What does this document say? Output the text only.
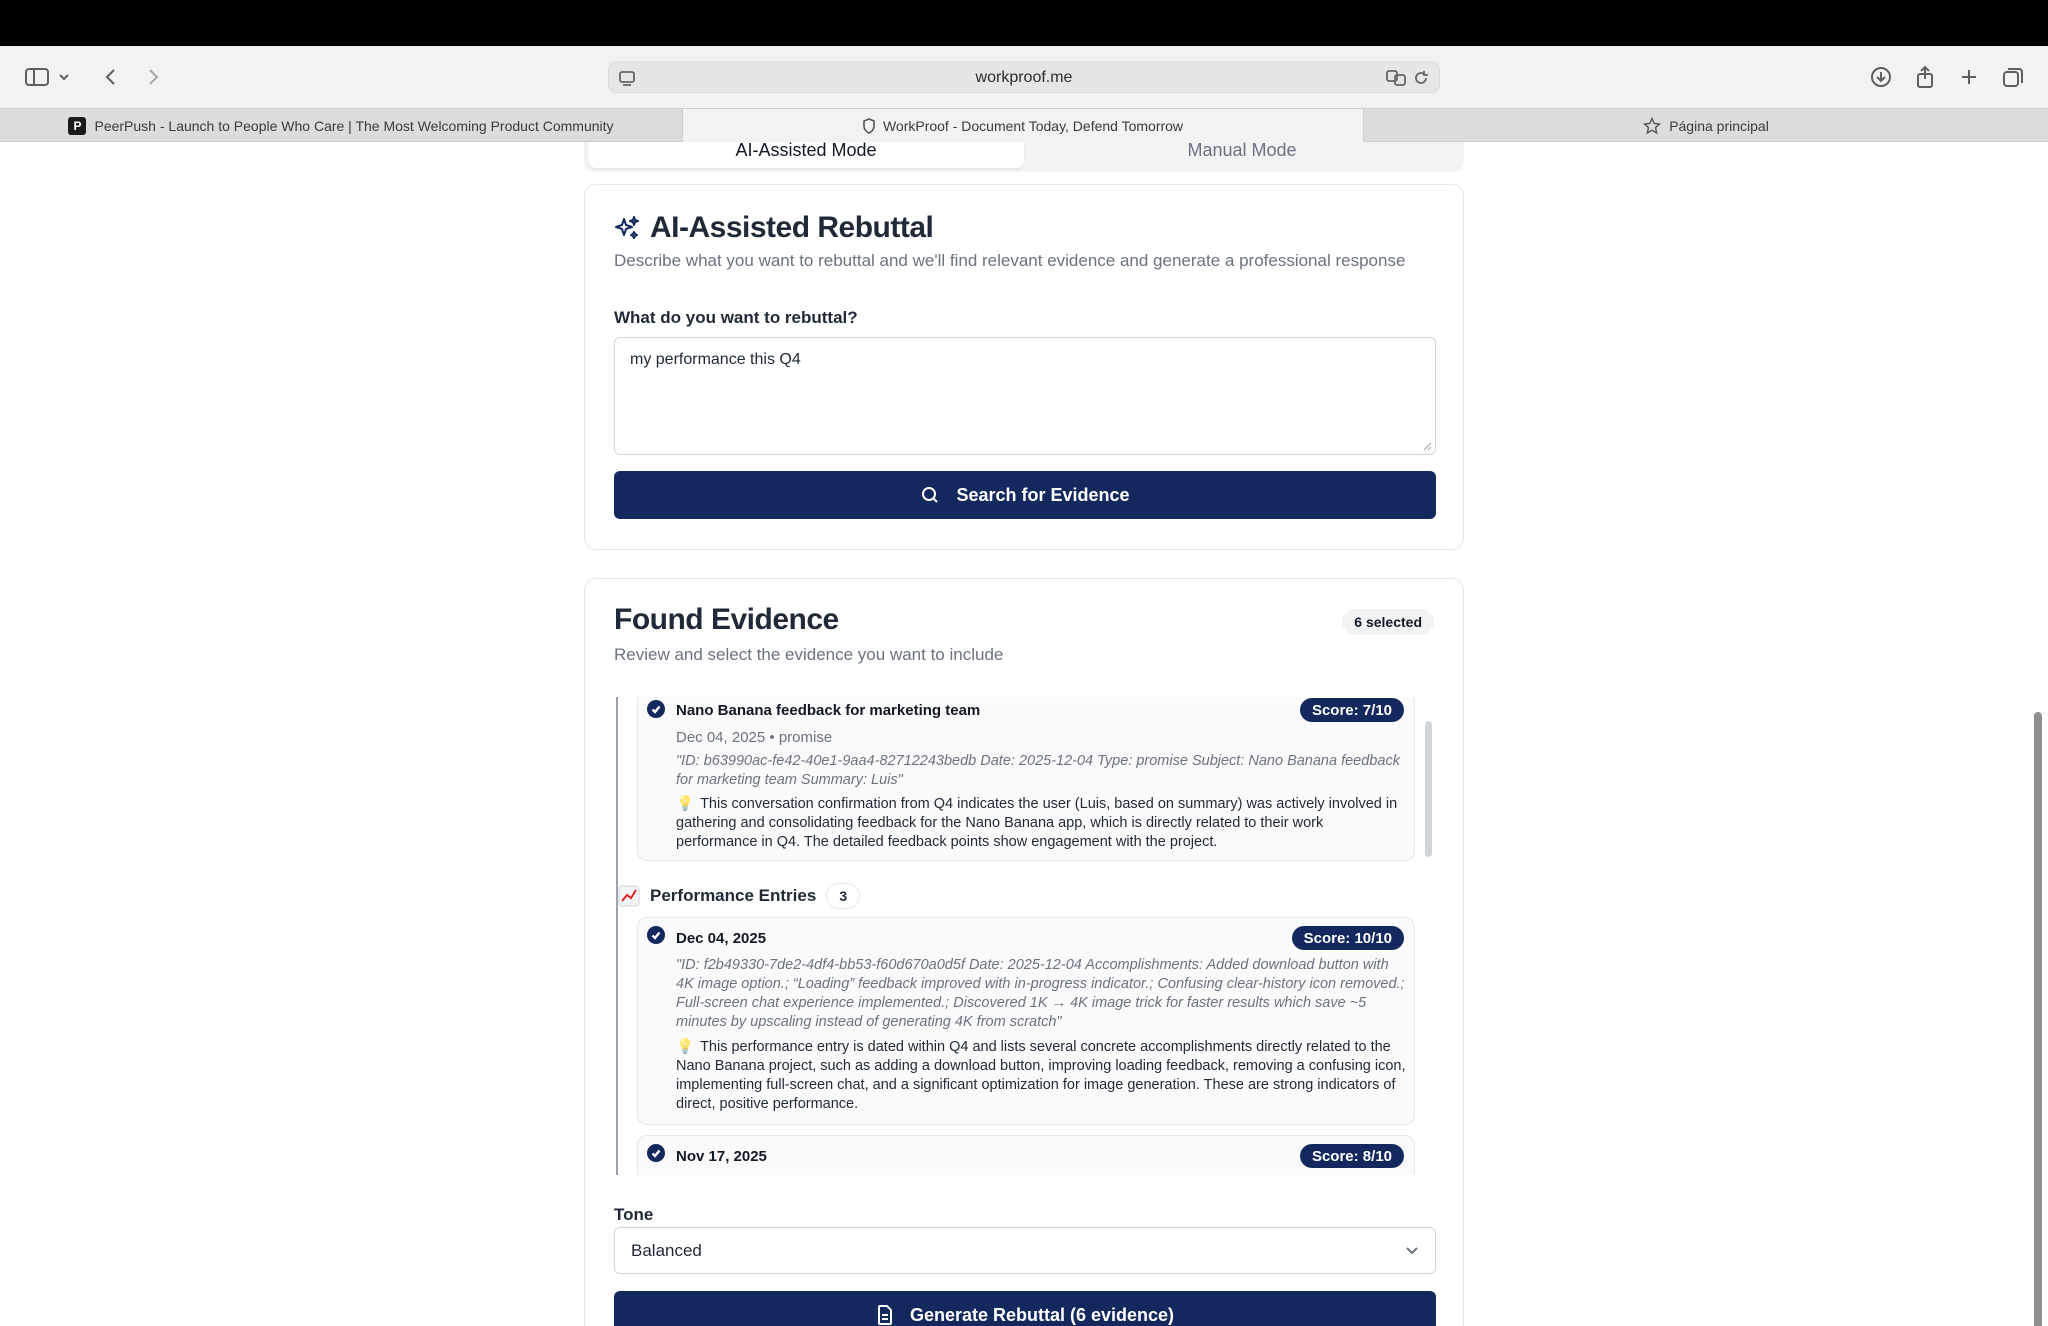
workproof.me
P PeerPush - Launch to People Who Care | The Most Welcoming Product Community	WorkProof - Document Today, Defend Tomorrow	Página principal
AI-Assisted Mode	Manual Mode
AI-Assisted Rebuttal
Describe what you want to rebuttal and we'll find relevant evidence and generate a professional response
What do you want to rebuttal?
my performance this Q4
Search for Evidence
Found Evidence	6 selected
Review and select the evidence you want to include
Nano Banana feedback for marketing team	Score: 7/10
Dec 04, 2025 • promise
"ID: b63990ac-fe42-40e1-9aa4-82712243bedb Date: 2025-12-04 Type: promise Subject: Nano Banana feedback for marketing team Summary: Luis"
💡 This conversation confirmation from Q4 indicates the user (Luis, based on summary) was actively involved in gathering and consolidating feedback for the Nano Banana app, which is directly related to their work performance in Q4. The detailed feedback points show engagement with the project.
Performance Entries	3
Dec 04, 2025	Score: 10/10
"ID: f2b49330-7de2-4df4-bb53-f60d670a0d5f Date: 2025-12-04 Accomplishments: Added download button with 4K image option.; “Loading” feedback improved with in-progress indicator.; Confusing clear-history icon removed.; Full-screen chat experience implemented.; Discovered 1K → 4K image trick for faster results which save ~5 minutes by upscaling instead of generating 4K from scratch"
💡 This performance entry is dated within Q4 and lists several concrete accomplishments directly related to the Nano Banana project, such as adding a download button, improving loading feedback, removing a confusing icon, implementing full-screen chat, and a significant optimization for image generation. These are strong indicators of direct, positive performance.
Nov 17, 2025	Score: 8/10
Tone
Balanced
Generate Rebuttal (6 evidence)
